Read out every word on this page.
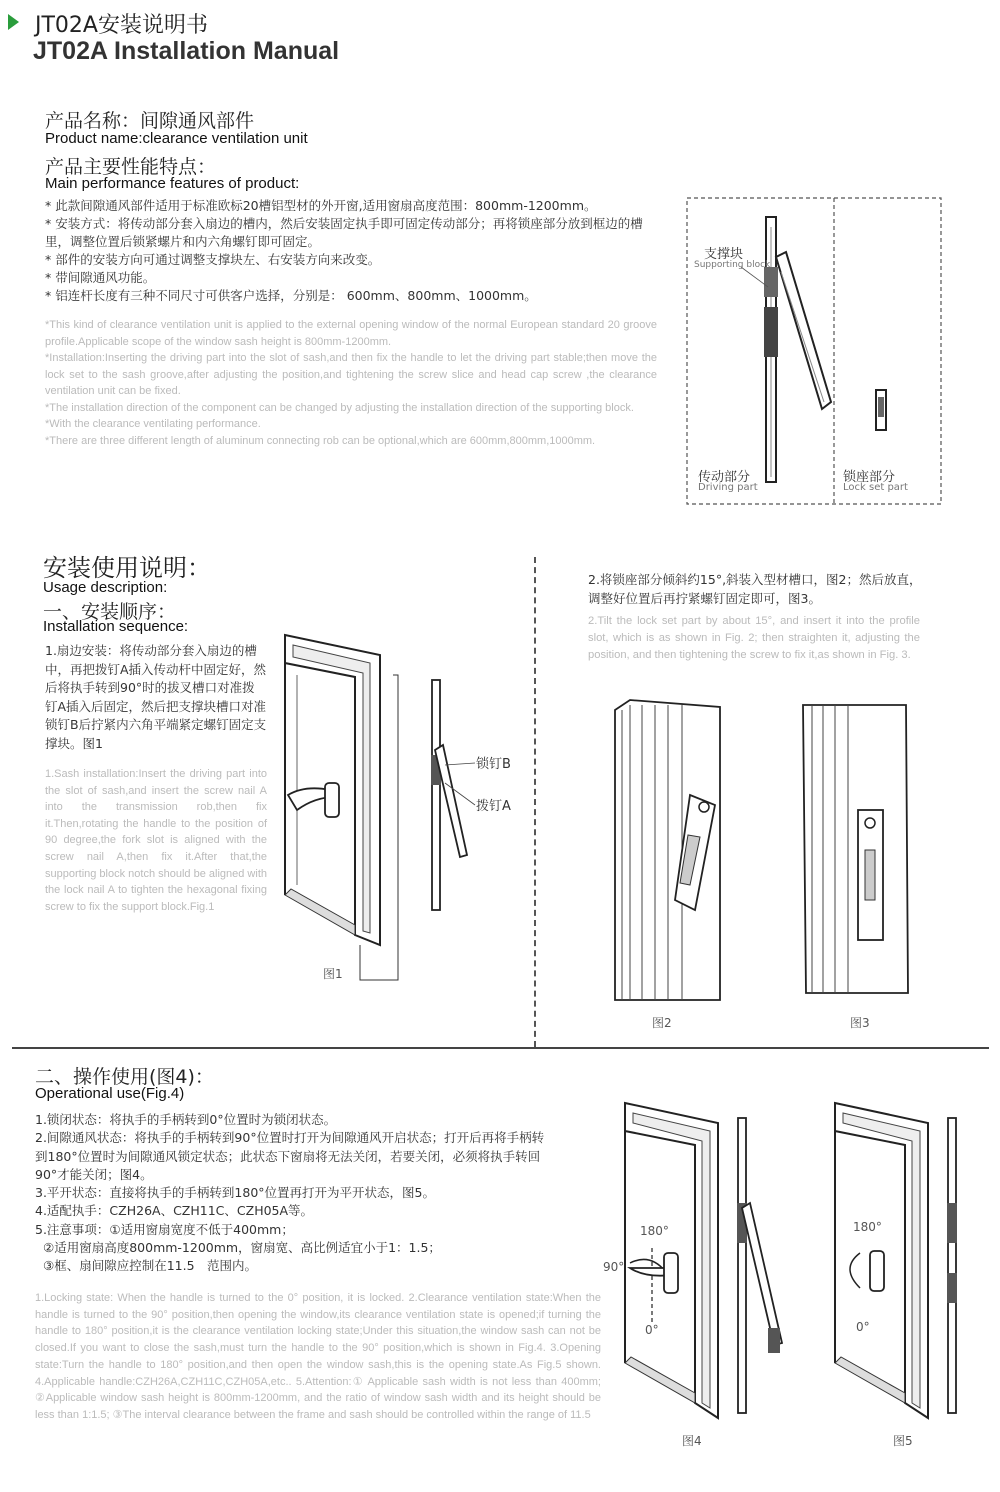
JT02A安装说明书
JT02A Installation Manual
产品名称：间隙通风部件
Product name:clearance ventilation unit
产品主要性能特点：
Main performance features of product:

* 此款间隙通风部件适用于标准欧标20槽铝型材的外开窗,适用窗扇高度范围：800mm-1200mm。

* 安装方式：将传动部分套入扇边的槽内，然后安装固定执手即可固定传动部分；再将锁座部分放到框边的槽里，调整位置后锁紧螺片和内六角螺钉即可固定。

* 部件的安装方向可通过调整支撑块左、右安装方向来改变。

* 带间隙通风功能。

* 铝连杆长度有三种不同尺寸可供客户选择，分别是： 600mm、800mm、1000mm。

*This kind of clearance ventilation unit is applied to the external opening window of the normal European standard 20 groove profile.Applicable scope of the window sash height is 800mm-1200mm.

*Installation:Inserting the driving part into the slot of sash,and then fix the handle to let the driving part stable;then move the lock set to the sash groove,after adjusting the position,and tightening the screw slice and head cap screw ,the clearance ventilation unit can be fixed.

*The installation direction of the component can be changed by adjusting the installation direction of the supporting block.

*With the clearance ventilating performance.

*There are three different length of aluminum connecting rob can be optional,which are 600mm,800mm,1000mm.

支撑块
Supporting block
传动部分
Driving part
锁座部分
Lock set part
安装使用说明：
Usage description:
一、安装顺序：
Installation sequence:
1.扇边安装：将传动部分套入扇边的槽中，再把拨钉A插入传动杆中固定好，然后将执手转到90°时的拔叉槽口对准拨钉A插入后固定，然后把支撑块槽口对准锁钉B后拧紧内六角平端紧定螺钉固定支撑块。图1
1.Sash installation:Insert the driving part into the slot of sash,and insert the screw nail A into the transmission rob,then fix it.Then,rotating the handle to the position of 90 degree,the fork slot is aligned with the screw nail A,then fix it.After that,the supporting block notch should be aligned with the lock nail A to tighten the hexagonal fixing screw to fix the support block.Fig.1
锁钉B
拨钉A
图1
2.将锁座部分倾斜约15°,斜装入型材槽口，图2；然后放直，调整好位置后再拧紧螺钉固定即可，图3。
2.Tilt the lock set part by about 15°, and insert it into the profile slot, which is as shown in Fig. 2; then straighten it, adjusting the position, and then tightening the screw to fix it,as shown in Fig. 3.
图2	图3
二、操作使用(图4)：
Operational use(Fig.4)

1.锁闭状态：将执手的手柄转到0°位置时为锁闭状态。

2.间隙通风状态：将执手的手柄转到90°位置时打开为间隙通风开启状态；打开后再将手柄转到180°位置时为间隙通风锁定状态；此状态下窗扇将无法关闭，若要关闭，必须将执手转回90°才能关闭；图4。

3.平开状态：直接将执手的手柄转到180°位置再打开为平开状态，图5。

4.适配执手：CZH26A、CZH11C、CZH05A等。

5.注意事项：①适用窗扇宽度不低于400mm；

②适用窗扇高度800mm-1200mm，窗扇宽、高比例适宜小于1：1.5；

③框、扇间隙应控制在11.5　范围内。

1.Locking state: When the handle is turned to the 0° position, it is locked. 2.Clearance ventilation state:When the handle is turned to the 90° position,then opening the window,its clearance ventilation state is opened;if turning the handle to 180° position,it is the clearance ventilation locking state;Under this situation,the window sash can not be closed.If you want to close the sash,must turn the handle to the 90° position,which is shown in Fig.4. 3.Opening state:Turn the handle to 180° position,and then open the window sash,this is the opening state.As Fig.5 shown. 4.Applicable handle:CZH26A,CZH11C,CZH05A,etc.. 5.Attention:① Applicable sash width is not less than 400mm; ②Applicable window sash height is 800mm-1200mm, and the ratio of window sash width and its height should be less than 1:1.5; ③The interval clearance between the frame and sash should be controlled within the range of 11.5
180°
90°
0°
图4
180°
0°
图5
